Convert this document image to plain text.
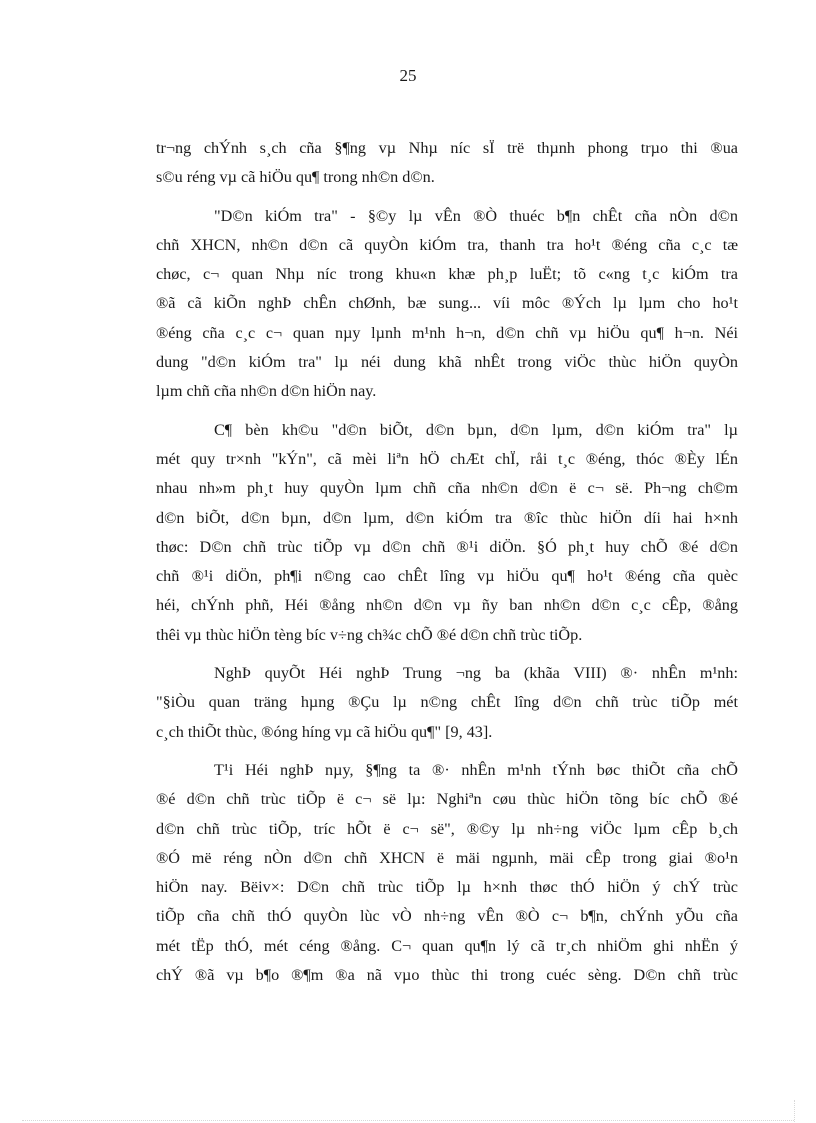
25
tr¬ng chÝnh s¸ch cña §¶ng vµ Nhµ níc sÏ trë thµnh phong trµo thi ®ua
s©u réng vµ cã hiÖu qu¶ trong nh©n d©n.
"D©n kiÓm tra" - §©y lµ vÊn ®Ò thuéc b¶n chÊt cña nÒn d©n
chñ XHCN, nh©n d©n cã quyÒn kiÓm tra, thanh tra ho¹t ®éng cña c¸c tæ
chøc, c¬ quan Nhµ níc trong khu«n khæ ph¸p luËt; tõ c«ng t¸c kiÓm tra
®ã cã kiÕn nghÞ chÊn chØnh, bæ sung... víi môc ®Ých lµ lµm cho ho¹t
®éng cña c¸c c¬ quan nµy lµnh m¹nh h¬n, d©n chñ vµ hiÖu qu¶ h¬n. Néi
dung "d©n kiÓm tra" lµ néi dung khã nhÊt trong viÖc thùc hiÖn quyÒn
lµm chñ cña nh©n d©n hiÖn nay.
C¶ bèn kh©u "d©n biÕt, d©n bµn, d©n lµm, d©n kiÓm tra" lµ
mét quy tr×nh "kÝn", cã mèi liªn hÖ chÆt chÏ, råi t¸c ®éng, thóc ®Èy lÉn
nhau nh»m ph¸t huy quyÒn lµm chñ cña nh©n d©n ë c¬ së. Ph¬ng ch©m
d©n biÕt, d©n bµn, d©n lµm, d©n kiÓm tra ®îc thùc hiÖn díi hai h×nh
thøc: D©n chñ trùc tiÕp vµ d©n chñ ®¹i diÖn. §Ó ph¸t huy chÕ ®é d©n
chñ ®¹i diÖn, ph¶i n©ng cao chÊt lîng vµ hiÖu qu¶ ho¹t ®éng cña quèc
héi, chÝnh phñ, Héi ®ång nh©n d©n vµ ñy ban nh©n d©n c¸c cÊp, ®ång
thêi vµ thùc hiÖn tèng bíc v÷ng ch¾c chÕ ®é d©n chñ trùc tiÕp.
NghÞ quyÕt Héi nghÞ Trung ¬ng ba (khãa VIII) ®· nhÊn m¹nh:
"§iÒu quan träng hµng ®Çu lµ n©ng chÊt lîng d©n chñ trùc tiÕp mét
c¸ch thiÕt thùc, ®óng híng vµ cã hiÖu qu¶" [9, 43].
T¹i Héi nghÞ nµy, §¶ng ta ®· nhÊn m¹nh tÝnh bøc thiÕt cña chÕ
®é d©n chñ trùc tiÕp ë c¬ së lµ: Nghiªn cøu thùc hiÖn tõng bíc chÕ ®é
d©n chñ trùc tiÕp, tríc hÕt ë c¬ së", ®©y lµ nh÷ng viÖc lµm cÊp b¸ch
®Ó më réng nÒn d©n chñ XHCN ë mäi ngµnh, mäi cÊp trong giai ®o¹n
hiÖn nay. Bëiv×: D©n chñ trùc tiÕp lµ h×nh thøc thÓ hiÖn ý chÝ trùc
tiÕp cña chñ thÓ quyÒn lùc vÒ nh÷ng vÊn ®Ò c¬ b¶n, chÝnh yÕu cña
mét tËp thÓ, mét céng ®ång. C¬ quan qu¶n lý cã tr¸ch nhiÖm ghi nhËn ý
chÝ ®ã vµ b¶o ®¶m ®a nã vµo thùc thi trong cuéc sèng. D©n chñ trùc
